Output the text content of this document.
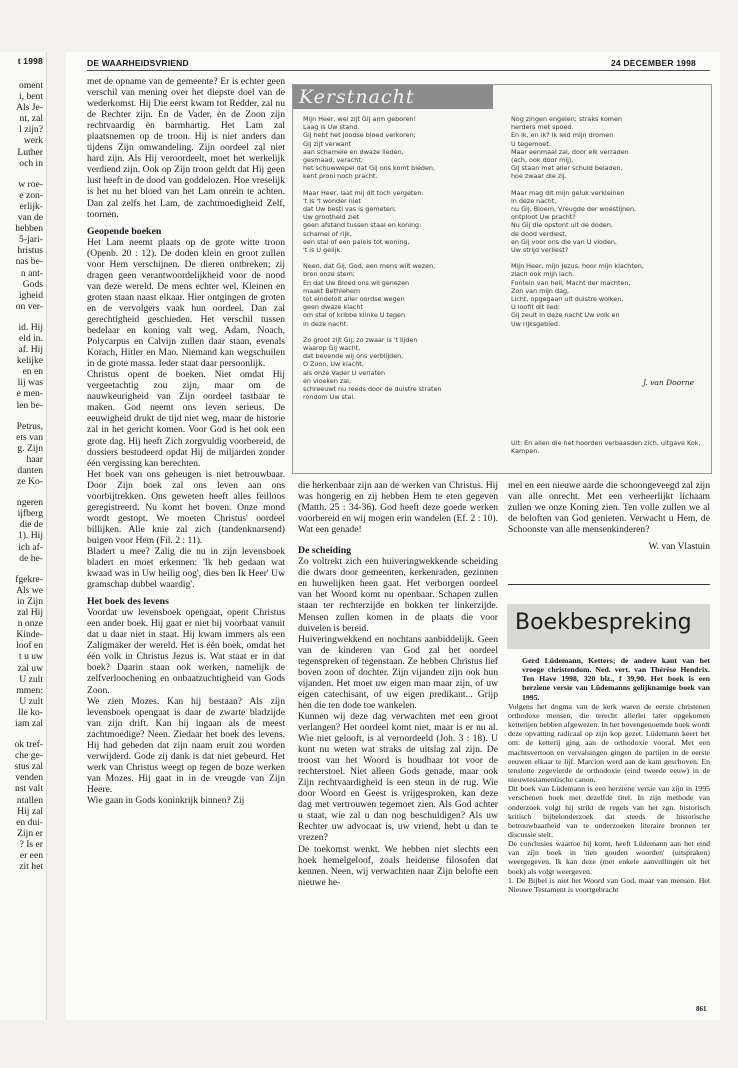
t 1998
oment
i, bent
Als Je-
nt, zal
l zijn?
werk
Luther
och in
w roe-
e zon-
erlijk-
van de
hebben
5-jari-
hristus
nas be-
n ant-
Gods
igheid
on ver-
id. Hij
eld in.
af. Hij
kelijke
en en
lij was
e men-
len be-
Petrus,
ets van
g. Zijn
haar
danten
ze Ko-
ngeren
ijfberg
die de
1). Hij
ich af-
de he-
fgekre-
Als we
in Zijn
zal Hij
n onze
Kinde-
loof en
t u uw
zal uw
U zult
mmen:
U zult
lle ko-
iam zal
ok tref-
che ge-
stus zal
venden
nst valt
ntallen
Hij zal
en dui-
Zijn er
? Is er
er een
zit het
DE WAARHEIDSVRIEND	24 DECEMBER 1998

met de opname van de gemeente? Er is echter geen verschil van mening over het diepste doel van de wederkomst. Hij Die eerst kwam tot Redder, zal nu de Rechter zijn. En de Vader, èn de Zoon zijn rechtvaardig èn barmhartig. Het Lam zal plaatsnemen op de troon. Hij is niet anders dan tijdens Zijn omwandeling. Zijn oordeel zal niet hard zijn. Als Hij veroordeelt, moet het werkelijk verdiend zijn. Ook op Zijn troon geldt dat Hij geen lust heeft in de dood van goddelozen. Hoe vreselijk is het nu het bloed van het Lam onrein te achten. Dan zal zelfs het Lam, de zachtmoedigheid Zelf, toornen.

Geopende boeken

Het Lam neemt plaats op de grote witte troon (Openb. 20 : 12). De doden klein en groot zullen voor Hem verschijnen. De dieren ontbreken; zij dragen geen verantwoordelijkheid voor de nood van deze wereld. De mens echter wel. Kleinen en groten staan naast elkaar. Hier ontgingen de groten en de vervolgers vaak hun oordeel. Dan zal gerechtigheid geschieden. Het verschil tussen bedelaar en koning valt weg. Adam, Noach, Polycarpus en Calvijn zullen daar staan, evenals Korach, Hitler en Mao. Niemand kan wegschuilen in de grote massa. Ieder staat daar persoonlijk.

Christus opent de boeken. Niet omdat Hij vergeetachtig zou zijn, maar om de nauwkeurigheid van Zijn oordeel tastbaar te maken. God neemt ons leven serieus. De eeuwigheid drukt de tijd niet weg, maar de historie zal in het gericht komen. Voor God is het ook een grote dag. Hij heeft Zich zorgvuldig voorbereid, de dossiers bestudeerd opdat Hij de miljarden zonder één vergissing kan berechten.

Het boek van ons geheugen is niet betrouwbaar. Door Zijn boek zal ons leven aan ons voorbijtrekken. Ons geweten heeft alles feilloos geregistreerd. Nu komt het boven. Onze mond wordt gestopt. We moeten Christus' oordeel billijken. Alle knie zal zich (tandenknarsend) buigen voor Hem (Fil. 2 : 11).

Bladert u mee? Zalig die nu in zijn levensboek bladert en moet erkennen: 'Ik heb gedaan wat kwaad was in Uw heilig oog', dies ben Ik Heer' Uw gramschap dubbel waardig'.

Het boek des levens

Voordat uw levensboek opengaat, opent Christus een ander boek. Hij gaat er niet bij voorbaat vanuit dat u daar niet in staat. Hij kwam immers als een Zaligmaker der wereld. Het is één boek, omdat het één volk in Christus Jezus is. Wat staat er in dat boek? Daarin staan ook werken, namelijk de zelfverloochening en onbaatzuchtigheid van Gods Zoon.

We zien Mozes. Kan hij bestaan? Als zijn levensboek opengaat is daar de zwarte bladzijde van zijn drift. Kan hij ingaan als de meest zachtmoedige? Neen. Ziedaar het boek des levens. Hij had gebeden dat zijn naam eruit zou worden verwijderd. Gode zij dank is dat niet gebeurd. Het werk van Christus weegt op tegen de boze werken van Mozes. Hij gaat in in de vreugde van Zijn Heere.

Wie gaan in Gods koninkrijk binnen? Zij

Kerstnacht
Mijn Heer, wel zijt Gij arm geboren!
Laag is Uw stand.
Gij hebt het Joodse bloed verkoren;
Gij zijt verwant
aan schamele en dwaze lieden,
gesmaad, veracht;
het schuwwepel dat Gij ons komt bieden,
kent prooi noch pracht.
Maar Heer, laat mij dit toch vergeten:
't Is 't wonder niet
dat Uw bestl vas is gemeten;
Uw grootheid ziet
geen afstand tussen staal en koning:
schamel of rijk,
een stal of een paleis tot woning,
't is U gelijk.
Neen, dat Gij, God, een mens wilt wezen,
bron onze stem;
En dat Uw Bloed ons wil genezen
maakt Bethlehem
tot eindeloit aller oordse wegen
geen dwaze klacht
om stal of kribbe klinke U tegen
in deze nacht.
Zo groot zijt Gij, zo zwaar is 't lijden
waarop Gij wacht,
dat bevende wij ons verblijden,
O Zoon, Uw klacht,
als onze Vader U verlaten
en vloeken zal,
schreeuwt nu reeds door de duistre straten
rondom Uw stal.
Nog zingen engelen; straks komen
herders met spoed.
En ik, en ik? Ik leid mijn dromen
U tegemoet.
Maar eenmaal zal, door elk verraden
(ach, ook door mij),
Gij staan met aller schuld beladen,
hoe zwaar die zij.
Maar mag dit mijn geluk verkleinen
in deze nacht,
nu Gij, Bloem, Vreugde der woestijnen,
ontploot Uw pracht?
Nu Gij die opstont uit de doden,
de dood verdiest,
en Gij voor ons die van U vloden,
Uw strijd verliest?
Mijn Heer, mijn Jezus, hoor mijn klachten,
zlach ook mijn lach.
Fontein van heil, Macht der machten,
Zon van mijn dag,
Licht, opgegaan uit duistre wolken,
U loofit dit lied:
Gij zeult in deze nacht Uw volk en
Uw rijksgebied.
J. van Doorne
Uit: En allen die het hoorden verbaasden zich, uitgave Kok, Kampen.

die herkenbaar zijn aan de werken van Christus. Hij was hongerig en zij hebben Hem te eten gegeven (Matth. 25 : 34-36). God heeft deze goede werken voorbereid en wij mogen erin wandelen (Ef. 2 : 10). Wat een genade!

De scheiding

Zo voltrekt zich een huiveringwekkende scheiding die dwars door gemeenten, kerkenraden, gezinnen en huwelijken heen gaat. Het verborgen oordeel van het Woord komt nu openbaar. Schapen zullen staan ter rechterzijde en bokken ter linkerzijde. Mensen zullen komen in de plaats die voor duivelen is bereid.

Huiveringwekkend en nochtans aanbiddelijk. Geen van de kinderen van God zal het oordeel tegenspreken of tegenstaan. Ze hebben Christus lief boven zoon of dochter. Zijn vijanden zijn ook hun vijanden. Het moet uw eigen man maar zijn, of uw eigen catechisant, of uw eigen predikant... Grijp hen die ten dode toe wankelen.

Kunnen wij deze dag verwachten met een groot verlangen? Het oordeel komt niet, maar is er nu al. Wie niet gelooft, is al veroordeeld (Joh. 3 : 18). U kunt nu weten wat straks de uitslag zal zijn. De troost van het Woord is houdbaar tot voor de rechterstoel. Niet alleen Gods genade, maar ook Zijn rechtvaardigheid is een steun in de rug. Wie door Woord en Geest is vrijgesproken, kan deze dag met vertrouwen tegemoet zien. Als God achter u staat, wie zal u dan nog beschuldigen? Als uw Rechter uw advocaat is, uw vriend, hebt u dan te vrezen?

De toekomst wenkt. We hebben niet slechts een hoek hemelgeloof, zoals heidense filosofen dat kennen. Neen, wij verwachten naar Zijn belofte een nieuwe he-

mel en een nieuwe aarde die schoongeveegd zal zijn van alle onrecht. Met een verheerlijkt lichaam zullen we onze Koning zien. Ten volle zullen we al de beloften van God genieten. Verwacht u Hem, de Schoonste van alle mensenkinderen?

W. van Vlastuin
Boekbespreking

Gerd Lüdemann, Ketters; de andere kant van het vroege christendom. Ned. vert. van Thérèse Hendrix. Ten Have 1998, 320 blz., f 39,90. Het boek is een herziene versie van Lüdemanns gelijknamige boek van 1995.

Volgens het dogma van de kerk waren de eerste christenen orthodoxe mensen, die terecht allerlei later opgekomen ketterijen hebben afgewezen. In het bovengenoemde boek wordt deze opvatting radicaal op zijn kop gezet. Lüdemann keert het om: de ketterij ging aan de orthodoxie vooraf. Met een machtsvertoon en vervalsingen gingen de partijen in de eerste eeuwen elkaar te lijf. Marcion werd aan de kant geschoven. En tenslotte zegevierde de orthodoxie (eind tweede eeuw) in de nieuwtestamentische canon.

Dit boek van Lüdemann is een herziene versie van zijn in 1995 verschenen boek met dezelfde titel. In zijn methode van onderzoek volgt hij strikt de regels van het zgn. historisch kritisch bijbelonderzoek dat steeds de historische betrouwbaarheid van te onderzoeken literaire bronnen ter discussie stelt.

De conclusies waartoe hij komt, heeft Lüdemann aan het eind van zijn boek in 'tien gouden woorden' (uitspraken) weergegeven. Ik kan deze (met enkele aanvullingen uit het boek) als volgt weergeven.

1. De Bijbel is niet het Woord van God, maar van mensen. Het Nieuwe Testament is voortgebracht

861
